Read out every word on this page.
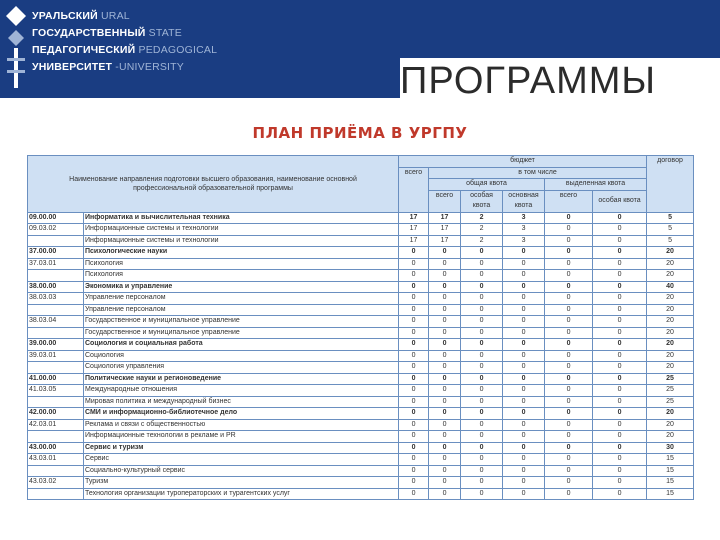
УРАЛЬСКИЙ URAL
ГОСУДАРСТВЕННЫЙ STATE
ПЕДАГОГИЧЕСКИЙ PEDAGOGICAL
УНИВЕРСИТЕТ -UNIVERSITY	ПРОГРАММЫ
ПЛАН ПРИЁМА В УРГПУ
Наименование направления подготовки высшего образования, наименование основной профессиональной образовательной программы		бюджет						договор
		всего	в том числе					
			общая квота			выделенная квота		
			всего	особая квота	основная квота	всего	особая квота	
09.00.00	Информатика и вычислительная техника	17	17	2	3	0	0	5
09.03.02	Информационные системы и технологии	17	17	2	3	0	0	5
	Информационные системы и технологии	17	17	2	3	0	0	5
37.00.00	Психологические науки	0	0	0	0	0	0	20
37.03.01	Психология	0	0	0	0	0	0	20
	Психология	0	0	0	0	0	0	20
38.00.00	Экономика и управление	0	0	0	0	0	0	40
38.03.03	Управление персоналом	0	0	0	0	0	0	20
	Управление персоналом	0	0	0	0	0	0	20
38.03.04	Государственное и муниципальное управление	0	0	0	0	0	0	20
	Государственное и муниципальное управление	0	0	0	0	0	0	20
39.00.00	Социология и социальная работа	0	0	0	0	0	0	20
39.03.01	Социология	0	0	0	0	0	0	20
	Социология управления	0	0	0	0	0	0	20
41.00.00	Политические науки и регионоведение	0	0	0	0	0	0	25
41.03.05	Международные отношения	0	0	0	0	0	0	25
	Мировая политика и международный бизнес	0	0	0	0	0	0	25
42.00.00	СМИ и информационно-библиотечное дело	0	0	0	0	0	0	20
42.03.01	Реклама и связи с общественностью	0	0	0	0	0	0	20
	Информационные технологии в рекламе и PR	0	0	0	0	0	0	20
43.00.00	Сервис и туризм	0	0	0	0	0	0	30
43.03.01	Сервис	0	0	0	0	0	0	15
	Социально-культурный сервис	0	0	0	0	0	0	15
43.03.02	Туризм	0	0	0	0	0	0	15
	Технология организации туроператорских и турагентских услуг	0	0	0	0	0	0	15
